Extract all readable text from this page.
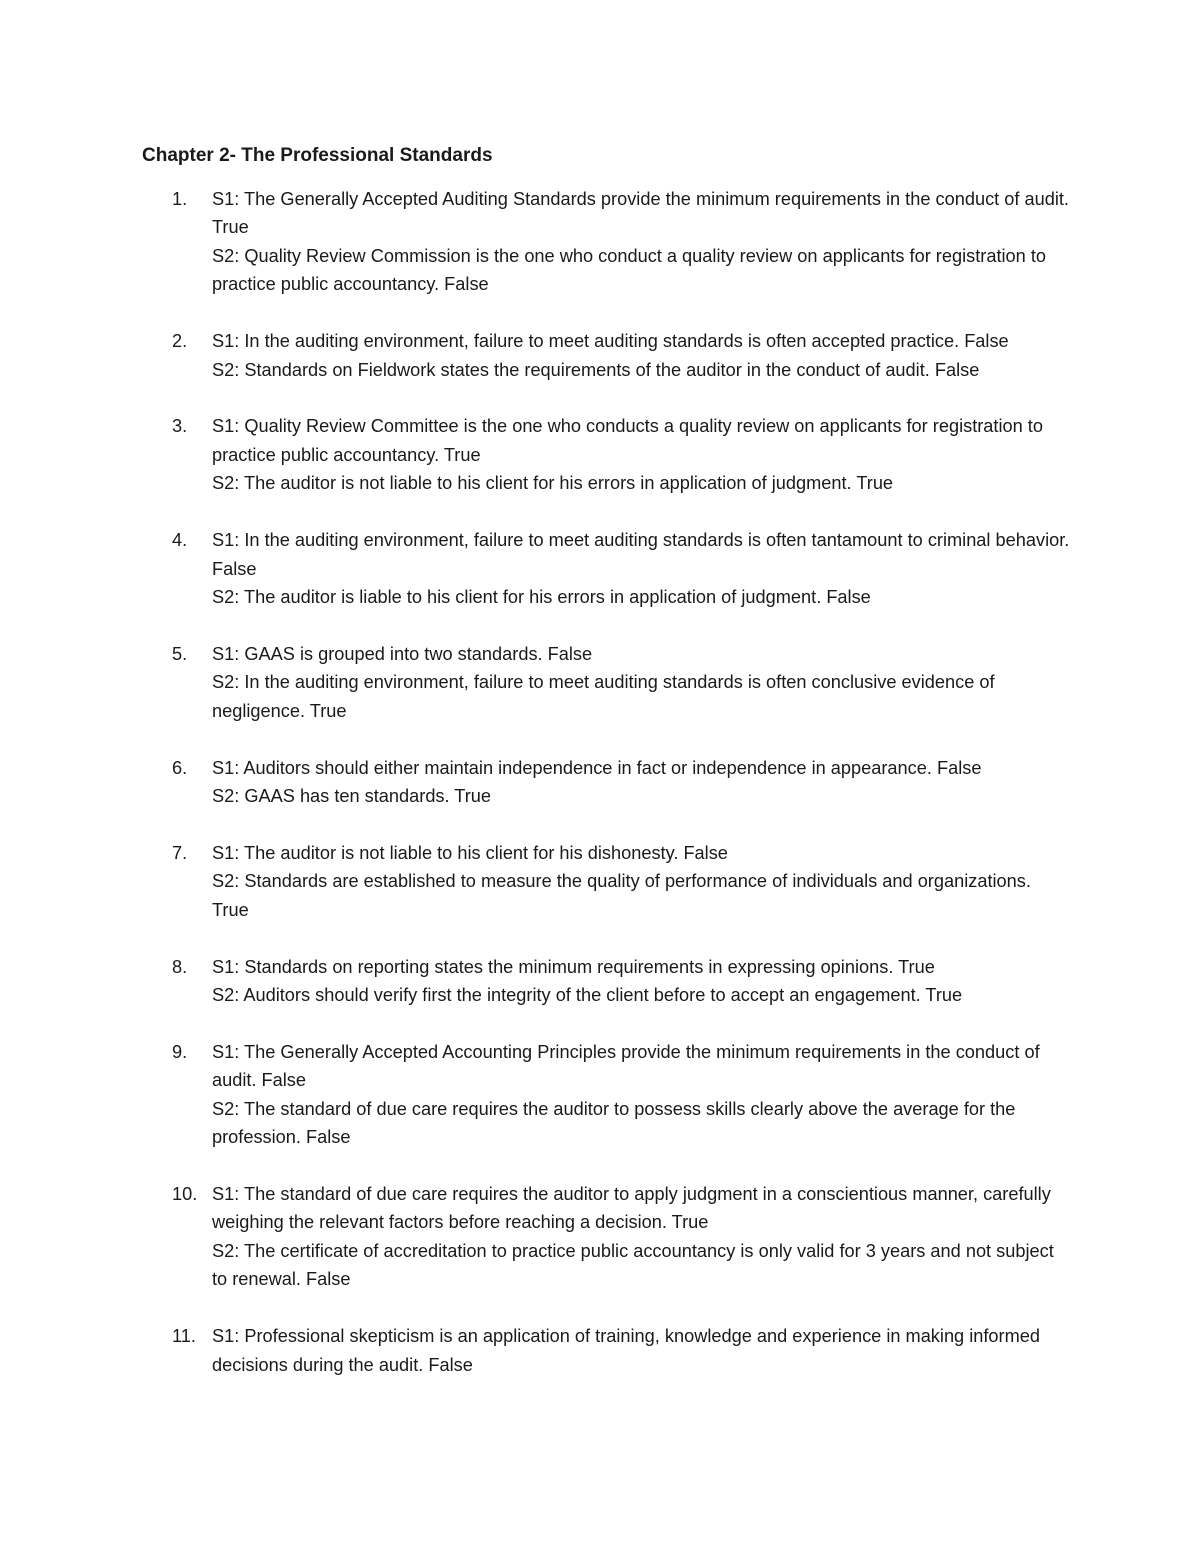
Chapter 2- The Professional Standards
1. S1: The Generally Accepted Auditing Standards provide the minimum requirements in the conduct of audit. True
S2: Quality Review Commission is the one who conduct a quality review on applicants for registration to practice public accountancy. False
2. S1: In the auditing environment, failure to meet auditing standards is often accepted practice. False
S2: Standards on Fieldwork states the requirements of the auditor in the conduct of audit. False
3. S1: Quality Review Committee is the one who conducts a quality review on applicants for registration to practice public accountancy. True
S2: The auditor is not liable to his client for his errors in application of judgment. True
4. S1: In the auditing environment, failure to meet auditing standards is often tantamount to criminal behavior. False
S2: The auditor is liable to his client for his errors in application of judgment. False
5. S1: GAAS is grouped into two standards. False
S2: In the auditing environment, failure to meet auditing standards is often conclusive evidence of negligence. True
6. S1: Auditors should either maintain independence in fact or independence in appearance. False
S2: GAAS has ten standards. True
7. S1: The auditor is not liable to his client for his dishonesty. False
S2: Standards are established to measure the quality of performance of individuals and organizations. True
8. S1: Standards on reporting states the minimum requirements in expressing opinions. True
S2: Auditors should verify first the integrity of the client before to accept an engagement. True
9. S1: The Generally Accepted Accounting Principles provide the minimum requirements in the conduct of audit. False
S2: The standard of due care requires the auditor to possess skills clearly above the average for the profession. False
10. S1: The standard of due care requires the auditor to apply judgment in a conscientious manner, carefully weighing the relevant factors before reaching a decision. True
S2: The certificate of accreditation to practice public accountancy is only valid for 3 years and not subject to renewal. False
11. S1: Professional skepticism is an application of training, knowledge and experience in making informed decisions during the audit. False
